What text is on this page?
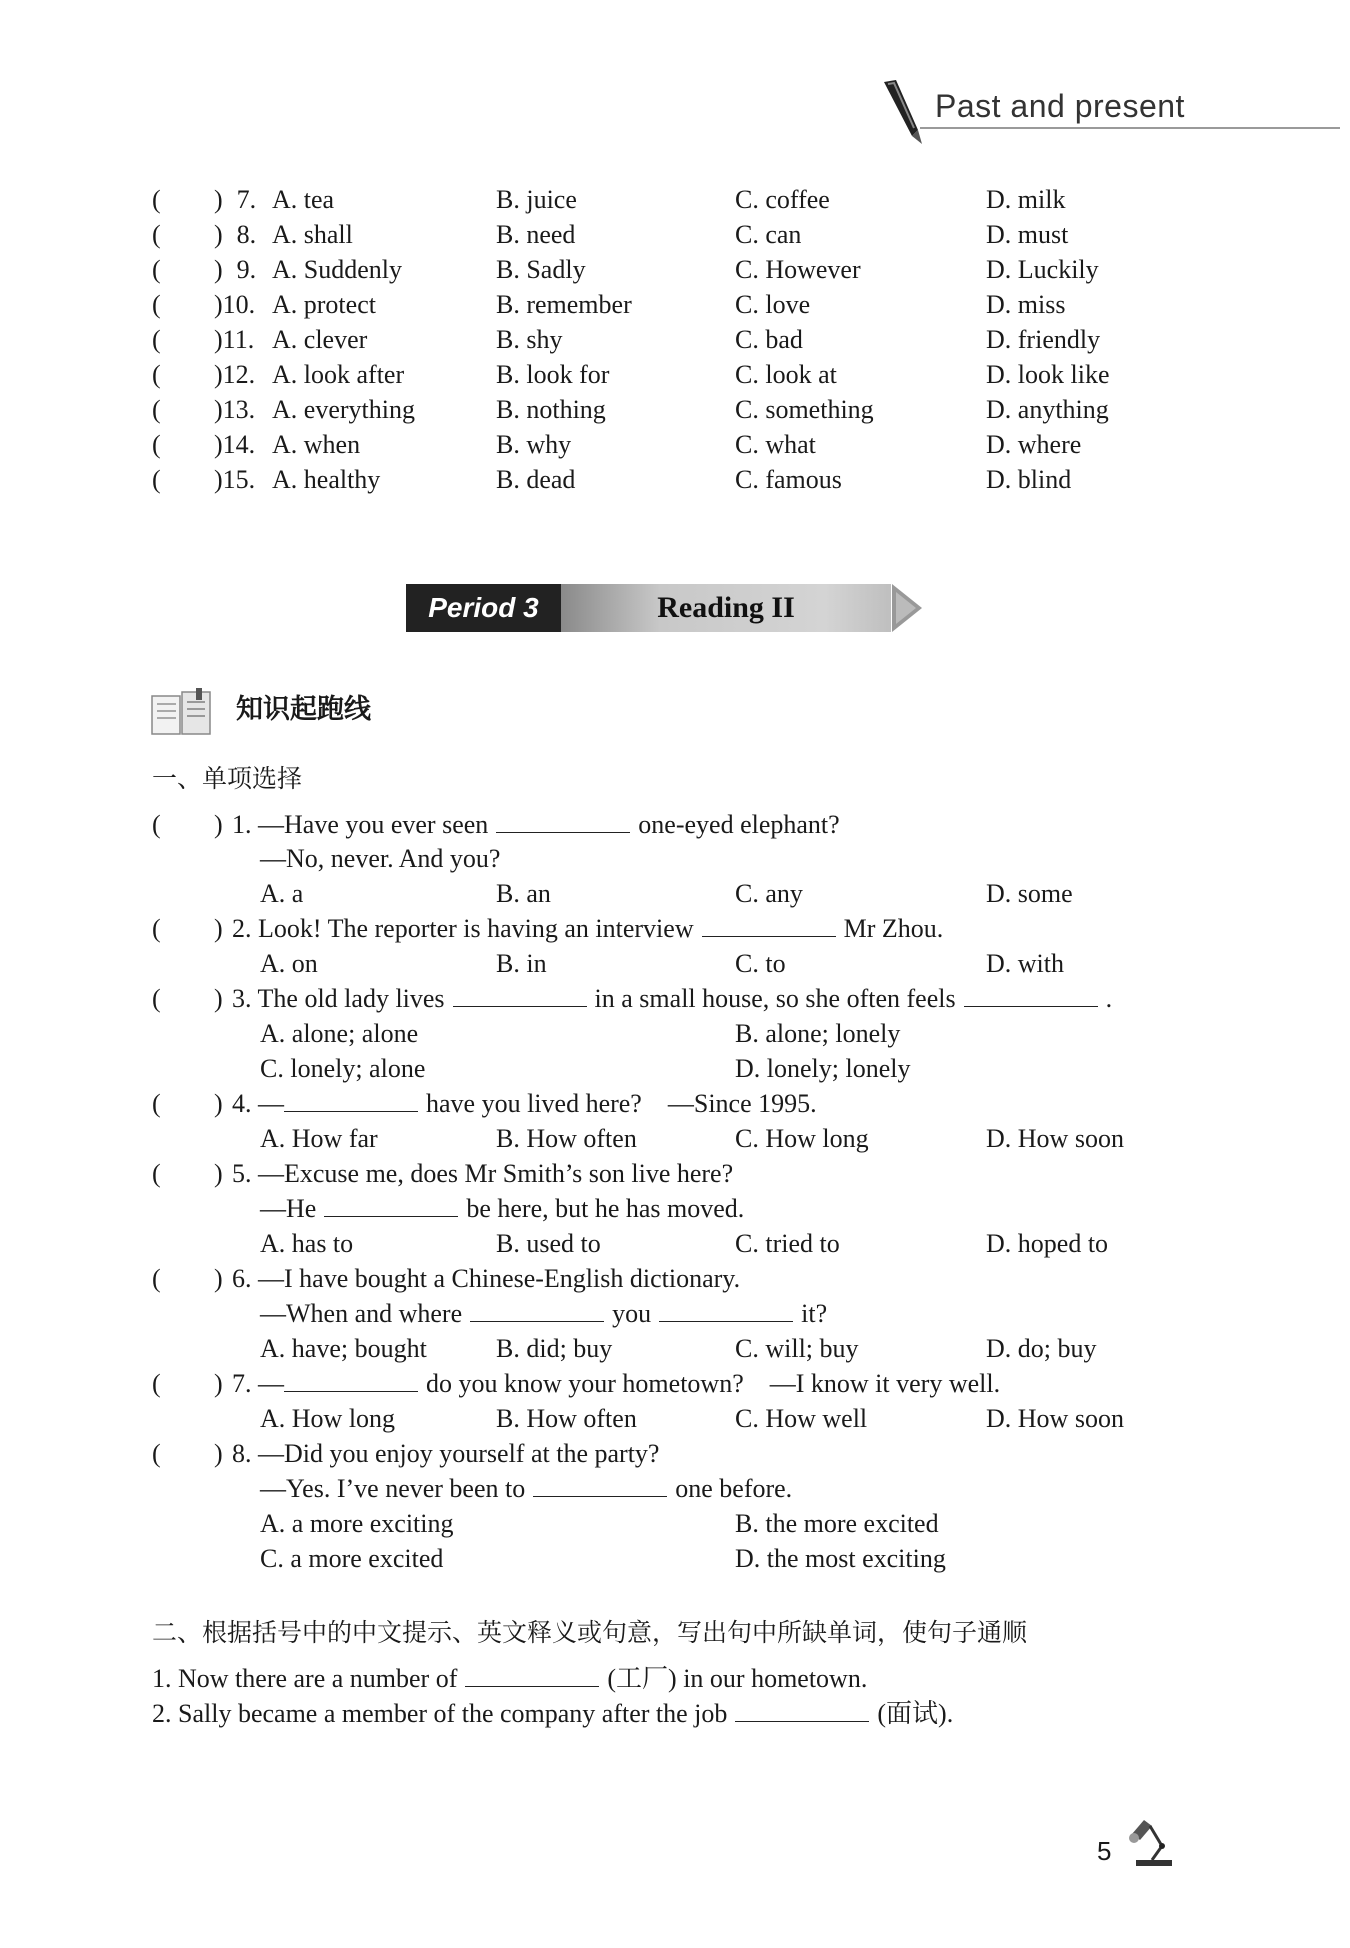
Past and present
( ) 7. A. tea	B. juice	C. coffee	D. milk
( ) 8. A. shall	B. need	C. can	D. must
( ) 9. A. Suddenly	B. Sadly	C. However	D. Luckily
( )10. A. protect	B. remember	C. love	D. miss
( )11. A. clever	B. shy	C. bad	D. friendly
( )12. A. look after	B. look for	C. look at	D. look like
( )13. A. everything	B. nothing	C. something	D. anything
( )14. A. when	B. why	C. what	D. where
( )15. A. healthy	B. dead	C. famous	D. blind
Period 3	Reading II
知识起跑线
一、单项选择
( ) 1. —Have you ever seen	one-eyed elephant?
—No, never. And you?
A. a	B. an	C. any	D. some
( ) 2. Look! The reporter is having an interview	Mr Zhou.
A. on	B. in	C. to	D. with
( ) 3. The old lady lives	in a small house, so she often feels	.
A. alone; alone	B. alone; lonely
C. lonely; alone	D. lonely; lonely
( ) 4. —	have you lived here? —Since 1995.
A. How far	B. How often	C. How long	D. How soon
( ) 5. —Excuse me, does Mr Smith’s son live here?
—He	be here, but he has moved.
A. has to	B. used to	C. tried to	D. hoped to
( ) 6. —I have bought a Chinese-English dictionary.
—When and where	you	it?
A. have; bought	B. did; buy	C. will; buy	D. do; buy
( ) 7. —	do you know your hometown? —I know it very well.
A. How long	B. How often	C. How well	D. How soon
( ) 8. —Did you enjoy yourself at the party?
—Yes. I’ve never been to	one before.
A. a more exciting	B. the more excited
C. a more excited	D. the most exciting
二、根据括号中的中文提示、英文释义或句意，写出句中所缺单词，使句子通顺
1. Now there are a number of	(工厂) in our hometown.
2. Sally became a member of the company after the job	(面试).
5
